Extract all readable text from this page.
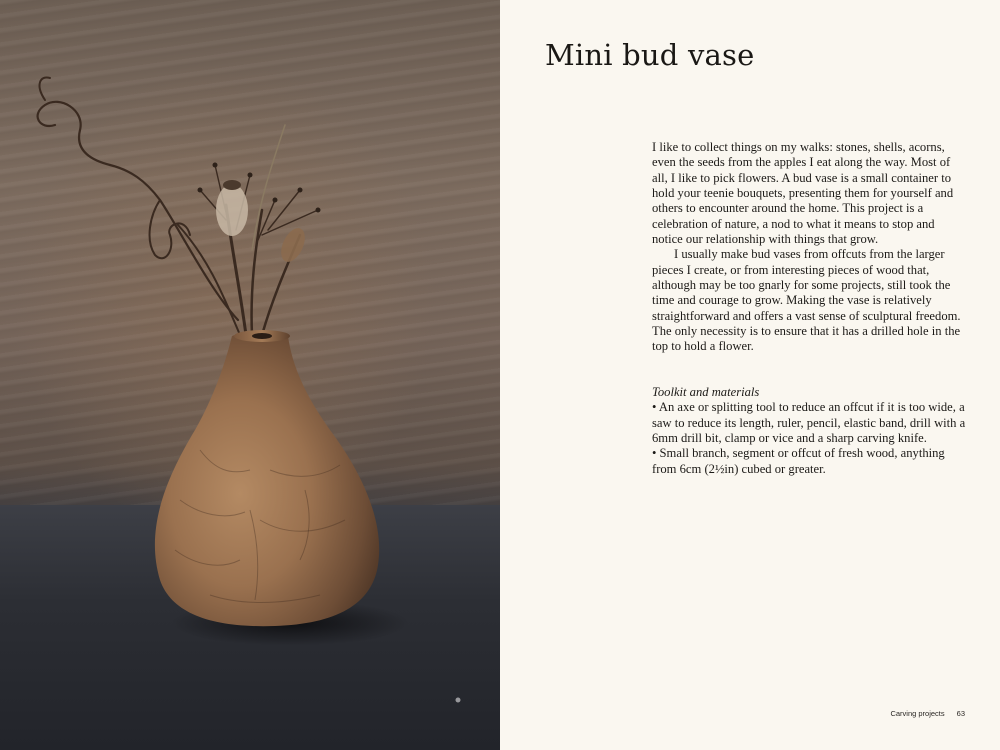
Mini bud vase

I like to collect things on my walks: stones, shells, acorns, even the seeds from the apples I eat along the way. Most of all, I like to pick flowers. A bud vase is a small container to hold your teenie bouquets, presenting them for yourself and others to encounter around the home. This project is a celebration of nature, a nod to what it means to stop and notice our relationship with things that grow.

I usually make bud vases from offcuts from the larger pieces I create, or from interesting pieces of wood that, although may be too gnarly for some projects, still took the time and courage to grow. Making the vase is relatively straightforward and offers a vast sense of sculptural freedom. The only necessity is to ensure that it has a drilled hole in the top to hold a flower.

Toolkit and materials

• An axe or splitting tool to reduce an offcut if it is too wide, a saw to reduce its length, ruler, pencil, elastic band, drill with a 6mm drill bit, clamp or vice and a sharp carving knife.

• Small branch, segment or offcut of fresh wood, anything from 6cm (2½in) cubed or greater.

Carving projects 63
